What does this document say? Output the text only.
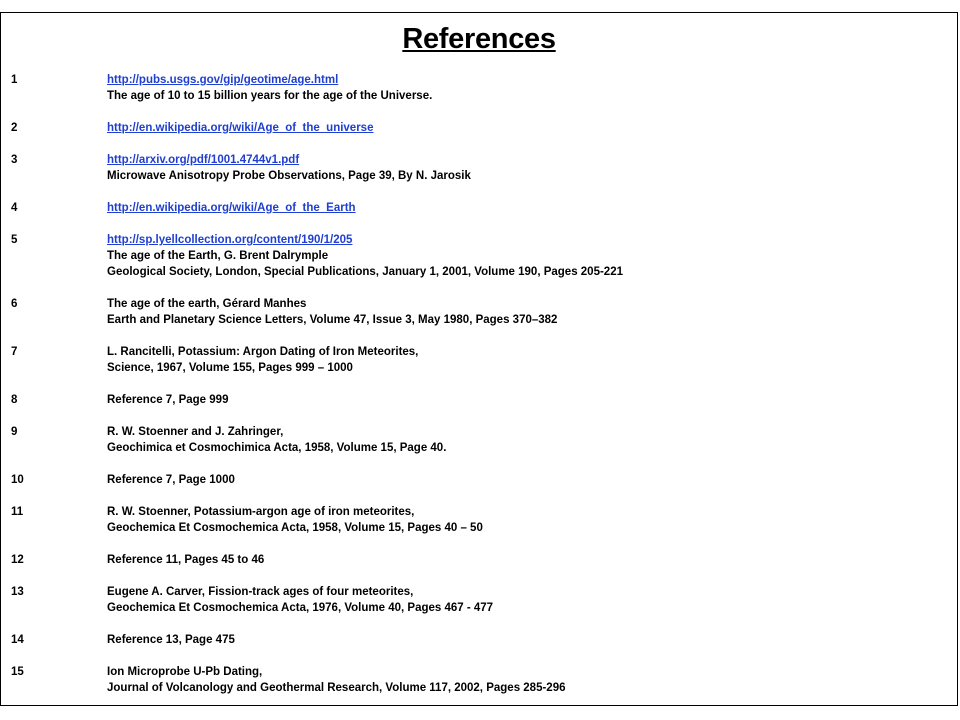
References
1	http://pubs.usgs.gov/gip/geotime/age.html
The age of 10 to 15 billion years for the age of the Universe.
2	http://en.wikipedia.org/wiki/Age_of_the_universe
3	http://arxiv.org/pdf/1001.4744v1.pdf
Microwave Anisotropy Probe Observations, Page 39, By N. Jarosik
4	http://en.wikipedia.org/wiki/Age_of_the_Earth
5	http://sp.lyellcollection.org/content/190/1/205
The age of the Earth, G. Brent Dalrymple
Geological Society, London, Special Publications, January 1, 2001, Volume 190, Pages 205-221
6	The age of the earth, Gérard Manhes
Earth and Planetary Science Letters, Volume 47, Issue 3, May 1980, Pages 370–382
7	L. Rancitelli, Potassium: Argon Dating of Iron Meteorites,
Science, 1967, Volume 155, Pages 999 – 1000
8	Reference 7, Page 999
9	R. W. Stoenner and J. Zahringer,
Geochimica et Cosmochimica Acta, 1958, Volume 15, Page 40.
10	Reference 7, Page 1000
11	R. W. Stoenner, Potassium-argon age of iron meteorites,
Geochemica Et Cosmochemica Acta, 1958, Volume 15, Pages 40 – 50
12	Reference 11, Pages 45 to 46
13	Eugene A. Carver, Fission-track ages of four meteorites,
Geochemica Et Cosmochemica Acta, 1976, Volume 40, Pages 467 - 477
14	Reference 13, Page 475
15	Ion Microprobe U-Pb Dating,
Journal of Volcanology and Geothermal Research, Volume 117, 2002, Pages 285-296
